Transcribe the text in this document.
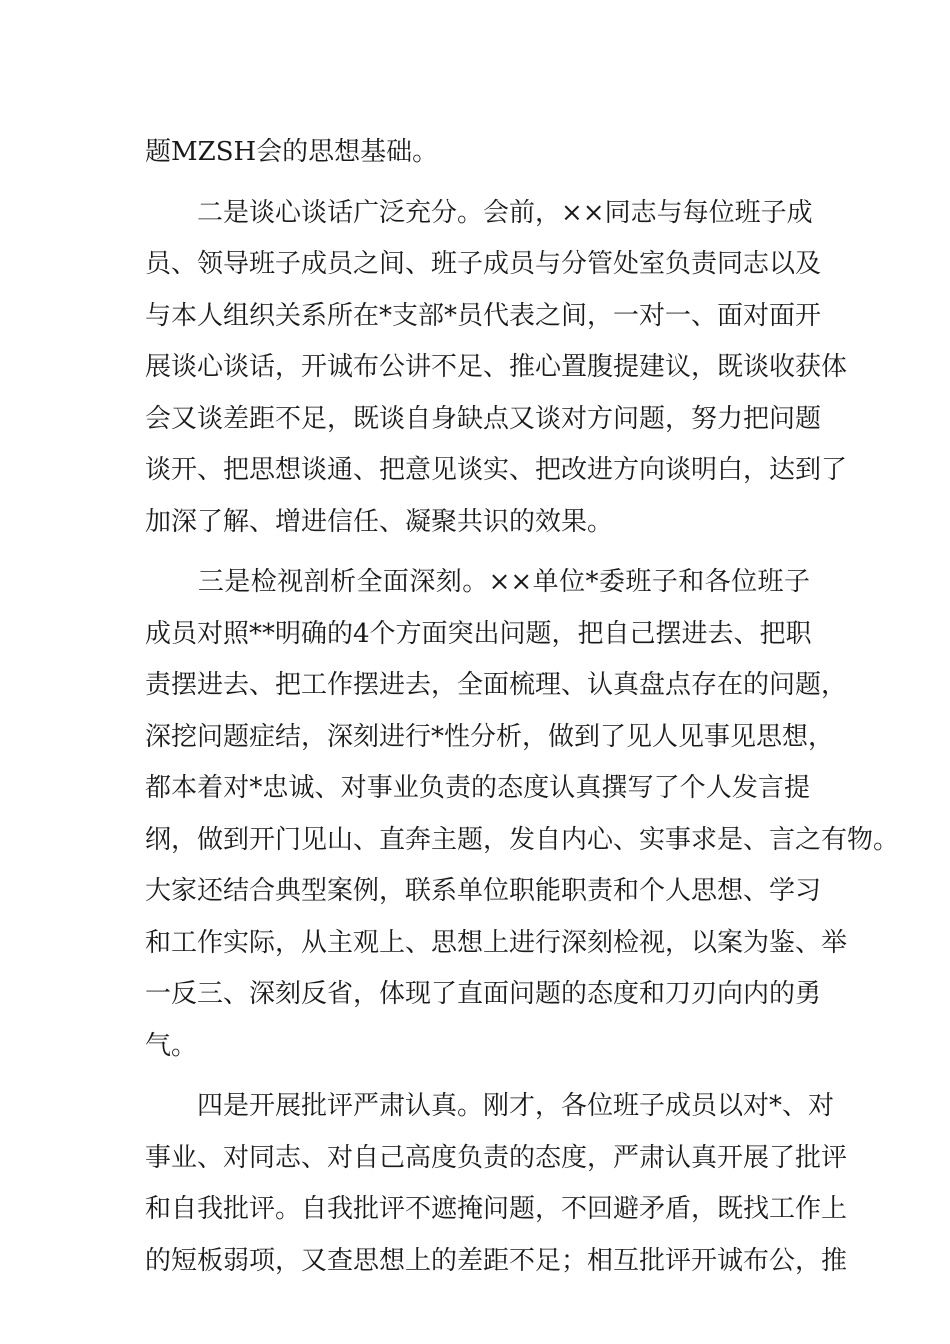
题MZSH会的思想基础。
　　二是谈心谈话广泛充分。会前，××同志与每位班子成
员、领导班子成员之间、班子成员与分管处室负责同志以及
与本人组织关系所在*支部*员代表之间，一对一、面对面开
展谈心谈话，开诚布公讲不足、推心置腹提建议，既谈收获体
会又谈差距不足，既谈自身缺点又谈对方问题，努力把问题
谈开、把思想谈通、把意见谈实、把改进方向谈明白，达到了
加深了解、增进信任、凝聚共识的效果。
　　三是检视剖析全面深刻。××单位*委班子和各位班子
成员对照**明确的4个方面突出问题，把自己摆进去、把职
责摆进去、把工作摆进去，全面梳理、认真盘点存在的问题，
深挖问题症结，深刻进行*性分析，做到了见人见事见思想，
都本着对*忠诚、对事业负责的态度认真撰写了个人发言提
纲，做到开门见山、直奔主题，发自内心、实事求是、言之有物。
大家还结合典型案例，联系单位职能职责和个人思想、学习
和工作实际，从主观上、思想上进行深刻检视，以案为鉴、举
一反三、深刻反省，体现了直面问题的态度和刀刃向内的勇
气。
　　四是开展批评严肃认真。刚才，各位班子成员以对*、对
事业、对同志、对自己高度负责的态度，严肃认真开展了批评
和自我批评。自我批评不遮掩问题，不回避矛盾，既找工作上
的短板弱项，又查思想上的差距不足；相互批评开诚布公，推
